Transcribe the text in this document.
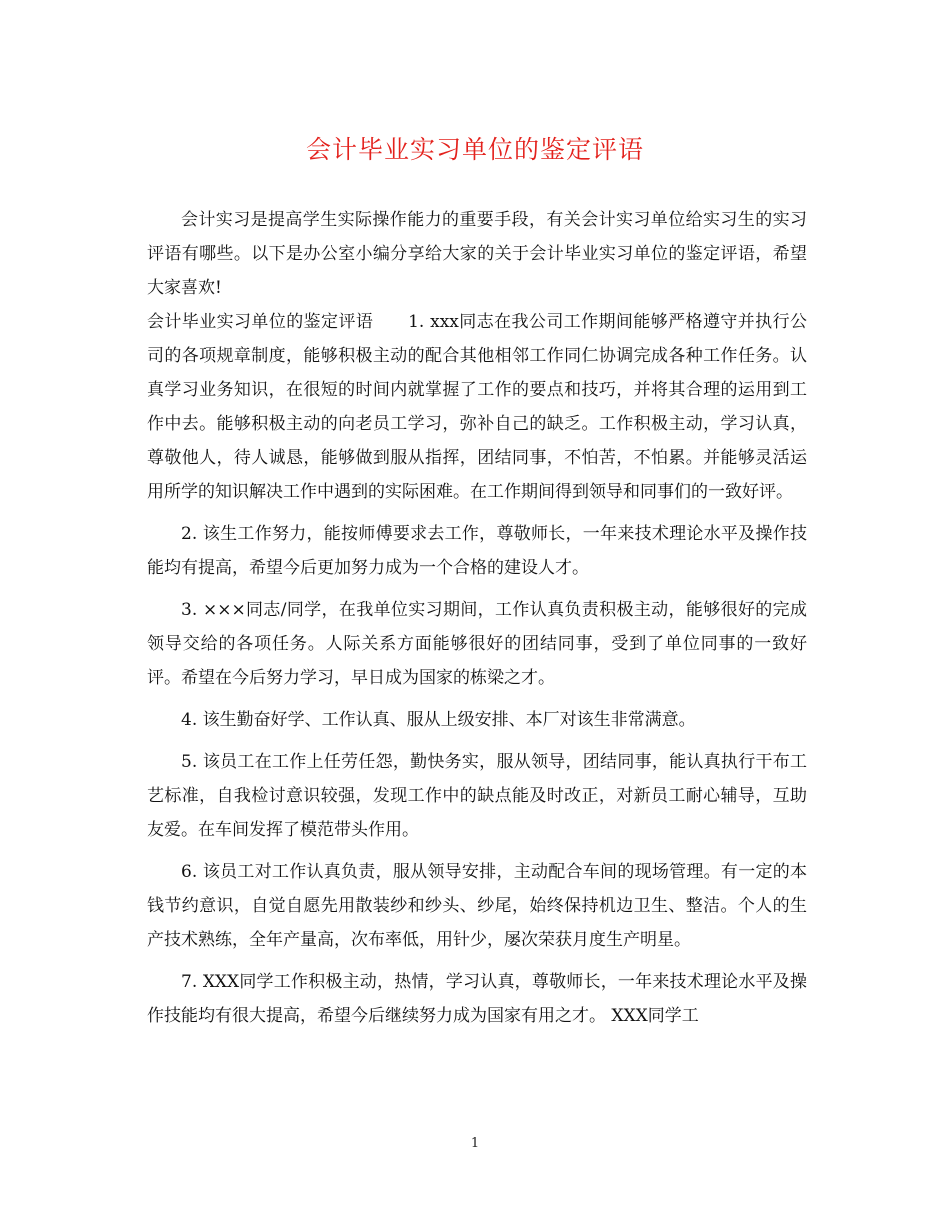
会计毕业实习单位的鉴定评语

会计实习是提高学生实际操作能力的重要手段，有关会计实习单位给实习生的实习评语有哪些。以下是办公室小编分享给大家的关于会计毕业实习单位的鉴定评语，希望大家喜欢!

会计毕业实习单位的鉴定评语　　1. xxx同志在我公司工作期间能够严格遵守并执行公司的各项规章制度，能够积极主动的配合其他相邻工作同仁协调完成各种工作任务。认真学习业务知识，在很短的时间内就掌握了工作的要点和技巧，并将其合理的运用到工作中去。能够积极主动的向老员工学习，弥补自己的缺乏。工作积极主动，学习认真，尊敬他人，待人诚恳，能够做到服从指挥，团结同事，不怕苦，不怕累。并能够灵活运用所学的知识解决工作中遇到的实际困难。在工作期间得到领导和同事们的一致好评。

2. 该生工作努力，能按师傅要求去工作，尊敬师长，一年来技术理论水平及操作技能均有提高，希望今后更加努力成为一个合格的建设人才。

3. ×××同志/同学，在我单位实习期间，工作认真负责积极主动，能够很好的完成领导交给的各项任务。人际关系方面能够很好的团结同事，受到了单位同事的一致好评。希望在今后努力学习，早日成为国家的栋梁之才。

4. 该生勤奋好学、工作认真、服从上级安排、本厂对该生非常满意。

5. 该员工在工作上任劳任怨，勤快务实，服从领导，团结同事，能认真执行干布工艺标准，自我检讨意识较强，发现工作中的缺点能及时改正，对新员工耐心辅导，互助友爱。在车间发挥了模范带头作用。

6. 该员工对工作认真负责，服从领导安排，主动配合车间的现场管理。有一定的本钱节约意识，自觉自愿先用散装纱和纱头、纱尾，始终保持机边卫生、整洁。个人的生产技术熟练，全年产量高，次布率低，用针少，屡次荣获月度生产明星。

7. XXX同学工作积极主动，热情，学习认真，尊敬师长，一年来技术理论水平及操作技能均有很大提高，希望今后继续努力成为国家有用之才。 XXX同学工

1
